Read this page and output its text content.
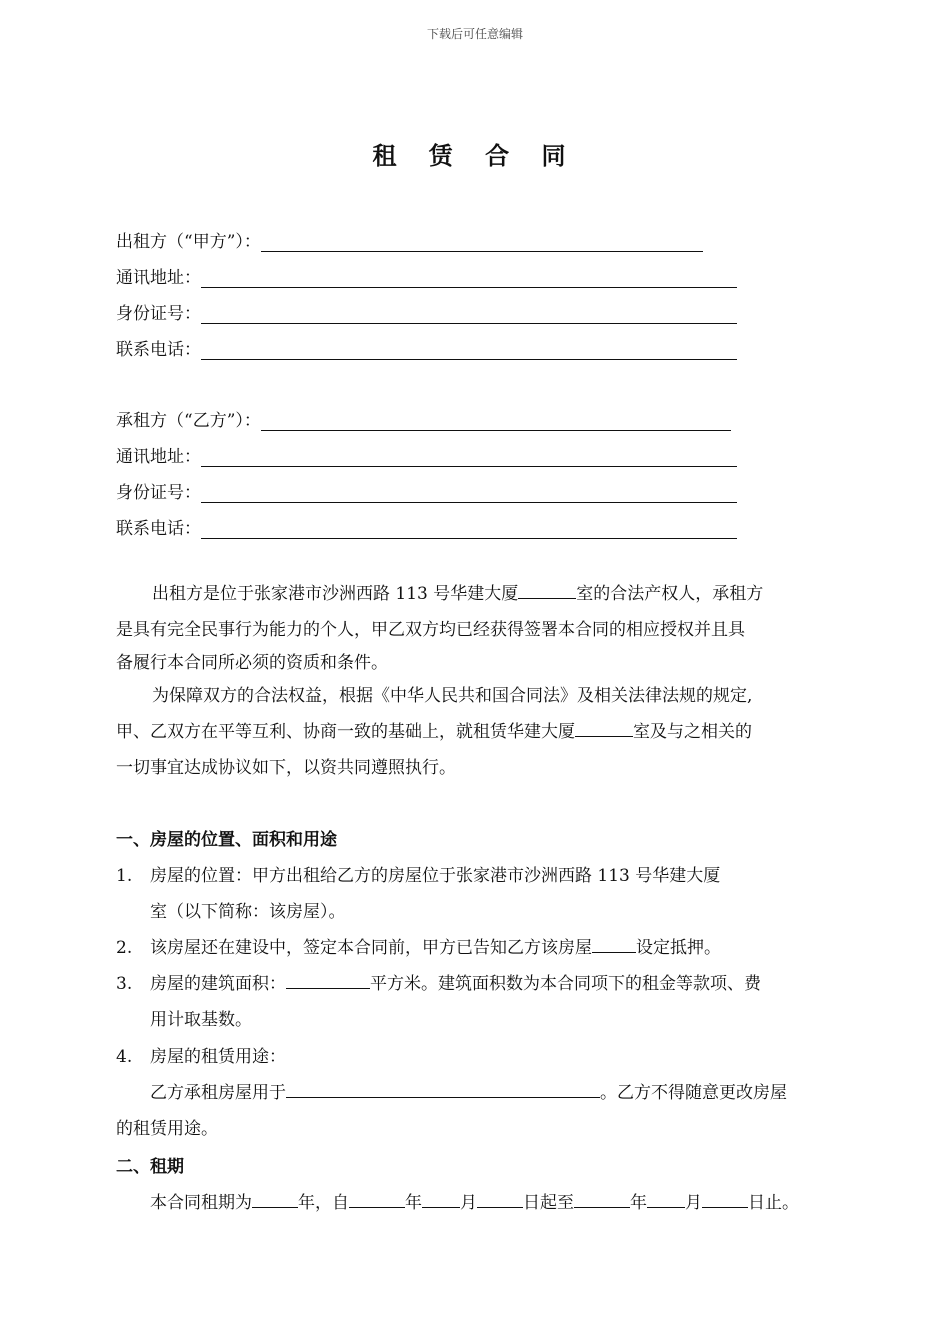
下载后可任意编辑
租 赁 合 同
出租方（“甲方”）：
通讯地址：
身份证号：
联系电话：
承租方（“乙方”）：
通讯地址：
身份证号：
联系电话：
出租方是位于张家港市沙洲西路 113 号华建大厦	室的合法产权人，承租方
是具有完全民事行为能力的个人，甲乙双方均已经获得签署本合同的相应授权并且具
备履行本合同所必须的资质和条件。
为保障双方的合法权益，根据《中华人民共和国合同法》及相关法律法规的规定,
甲、乙双方在平等互利、协商一致的基础上，就租赁华建大厦	室及与之相关的
一切事宜达成协议如下，以资共同遵照执行。
一、房屋的位置、面积和用途
1. 房屋的位置：甲方出租给乙方的房屋位于张家港市沙洲西路 113 号华建大厦
室（以下简称：该房屋）。
2. 该房屋还在建设中，签定本合同前，甲方已告知乙方该房屋	设定抵押。
3. 房屋的建筑面积：	平方米。建筑面积数为本合同项下的租金等款项、费
用计取基数。
4. 房屋的租赁用途：
乙方承租房屋用于	。乙方不得随意更改房屋
的租赁用途。
二、租期
本合同租期为	年，自	年 月	日起至	年 月	日止。
